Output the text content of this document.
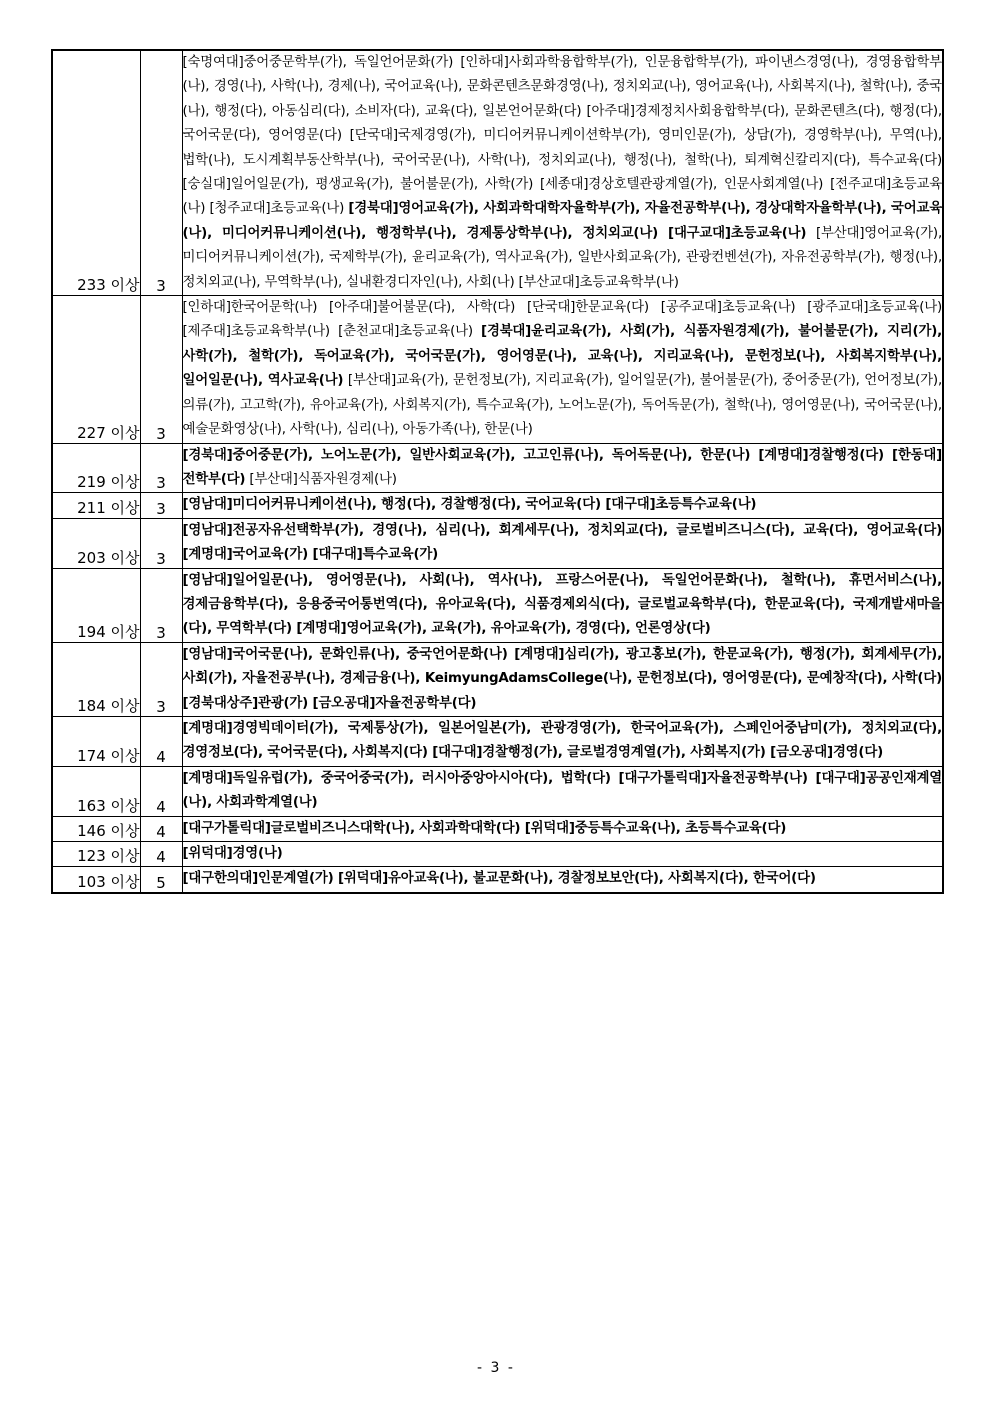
233 이상	3	[숙명여대]중어중문학부(가), 독일언어문화(가) [인하대]사회과학융합학부(가), 인문융합학부(가), 파이낸스경영(나), 경영융합학부(나), 경영(나), 사학(나), 경제(나), 국어교육(나), 문화콘텐츠문화경영(나), 정치외교(나), 영어교육(나), 사회복지(나), 철학(나), 중국(나), 행정(다), 아동심리(다), 소비자(다), 교육(다), 일본언어문화(다) [아주대]경제정치사회융합학부(다), 문화콘텐츠(다), 행정(다), 국어국문(다), 영어영문(다) [단국대]국제경영(가), 미디어커뮤니케이션학부(가), 영미인문(가), 상담(가), 경영학부(나), 무역(나), 법학(나), 도시계획부동산학부(나), 국어국문(나), 사학(나), 정치외교(나), 행정(나), 철학(나), 퇴계혁신칼리지(다), 특수교육(다) [숭실대]일어일문(가), 평생교육(가), 불어불문(가), 사학(가) [세종대]경상호텔관광계열(가), 인문사회계열(나) [전주교대]초등교육(나) [청주교대]초등교육(나) [경북대]영어교육(가), 사회과학대학자율학부(가), 자율전공학부(나), 경상대학자율학부(나), 국어교육(나), 미디어커뮤니케이션(나), 행정학부(나), 경제통상학부(나), 정치외교(나) [대구교대]초등교육(나) [부산대]영어교육(가), 미디어커뮤니케이션(가), 국제학부(가), 윤리교육(가), 역사교육(가), 일반사회교육(가), 관광컨벤션(가), 자유전공학부(가), 행정(나), 정치외교(나), 무역학부(나), 실내환경디자인(나), 사회(나) [부산교대]초등교육학부(나)
227 이상	3	[인하대]한국어문학(나) [아주대]불어불문(다), 사학(다) [단국대]한문교육(다) [공주교대]초등교육(나) [광주교대]초등교육(나) [제주대]초등교육학부(나) [춘천교대]초등교육(나) [경북대]윤리교육(가), 사회(가), 식품자원경제(가), 불어불문(가), 지리(가), 사학(가), 철학(가), 독어교육(가), 국어국문(가), 영어영문(나), 교육(나), 지리교육(나), 문헌정보(나), 사회복지학부(나), 일어일문(나), 역사교육(나) [부산대]교육(가), 문헌정보(가), 지리교육(가), 일어일문(가), 불어불문(가), 중어중문(가), 언어정보(가), 의류(가), 고고학(가), 유아교육(가), 사회복지(가), 특수교육(가), 노어노문(가), 독어독문(가), 철학(나), 영어영문(나), 국어국문(나), 예술문화영상(나), 사학(나), 심리(나), 아동가족(나), 한문(나)
219 이상	3	[경북대]중어중문(가), 노어노문(가), 일반사회교육(가), 고고인류(나), 독어독문(나), 한문(나) [계명대]경찰행정(다) [한동대]전학부(다) [부산대]식품자원경제(나)
211 이상	3	[영남대]미디어커뮤니케이션(나), 행정(다), 경찰행정(다), 국어교육(다) [대구대]초등특수교육(나)
203 이상	3	[영남대]전공자유선택학부(가), 경영(나), 심리(나), 회계세무(나), 정치외교(다), 글로벌비즈니스(다), 교육(다), 영어교육(다) [계명대]국어교육(가) [대구대]특수교육(가)
194 이상	3	[영남대]일어일문(나), 영어영문(나), 사회(나), 역사(나), 프랑스어문(나), 독일언어문화(나), 철학(나), 휴먼서비스(나), 경제금융학부(다), 응용중국어통번역(다), 유아교육(다), 식품경제외식(다), 글로벌교육학부(다), 한문교육(다), 국제개발새마을(다), 무역학부(다) [계명대]영어교육(가), 교육(가), 유아교육(가), 경영(다), 언론영상(다)
184 이상	3	[영남대]국어국문(나), 문화인류(나), 중국언어문화(나) [계명대]심리(가), 광고홍보(가), 한문교육(가), 행정(가), 회계세무(가), 사회(가), 자율전공부(나), 경제금융(나), KeimyungAdamsCollege(나), 문헌정보(다), 영어영문(다), 문예창작(다), 사학(다) [경북대상주]관광(가) [금오공대]자율전공학부(다)
174 이상	4	[계명대]경영빅데이터(가), 국제통상(가), 일본어일본(가), 관광경영(가), 한국어교육(가), 스페인어중남미(가), 정치외교(다), 경영정보(다), 국어국문(다), 사회복지(다) [대구대]경찰행정(가), 글로벌경영계열(가), 사회복지(가) [금오공대]경영(다)
163 이상	4	[계명대]독일유럽(가), 중국어중국(가), 러시아중앙아시아(다), 법학(다) [대구가톨릭대]자율전공학부(나) [대구대]공공인재계열(나), 사회과학계열(나)
146 이상	4	[대구가톨릭대]글로벌비즈니스대학(나), 사회과학대학(다) [위덕대]중등특수교육(나), 초등특수교육(다)
123 이상	4	[위덕대]경영(나)
103 이상	5	[대구한의대]인문계열(가) [위덕대]유아교육(나), 불교문화(나), 경찰정보보안(다), 사회복지(다), 한국어(다)
- 3 -
